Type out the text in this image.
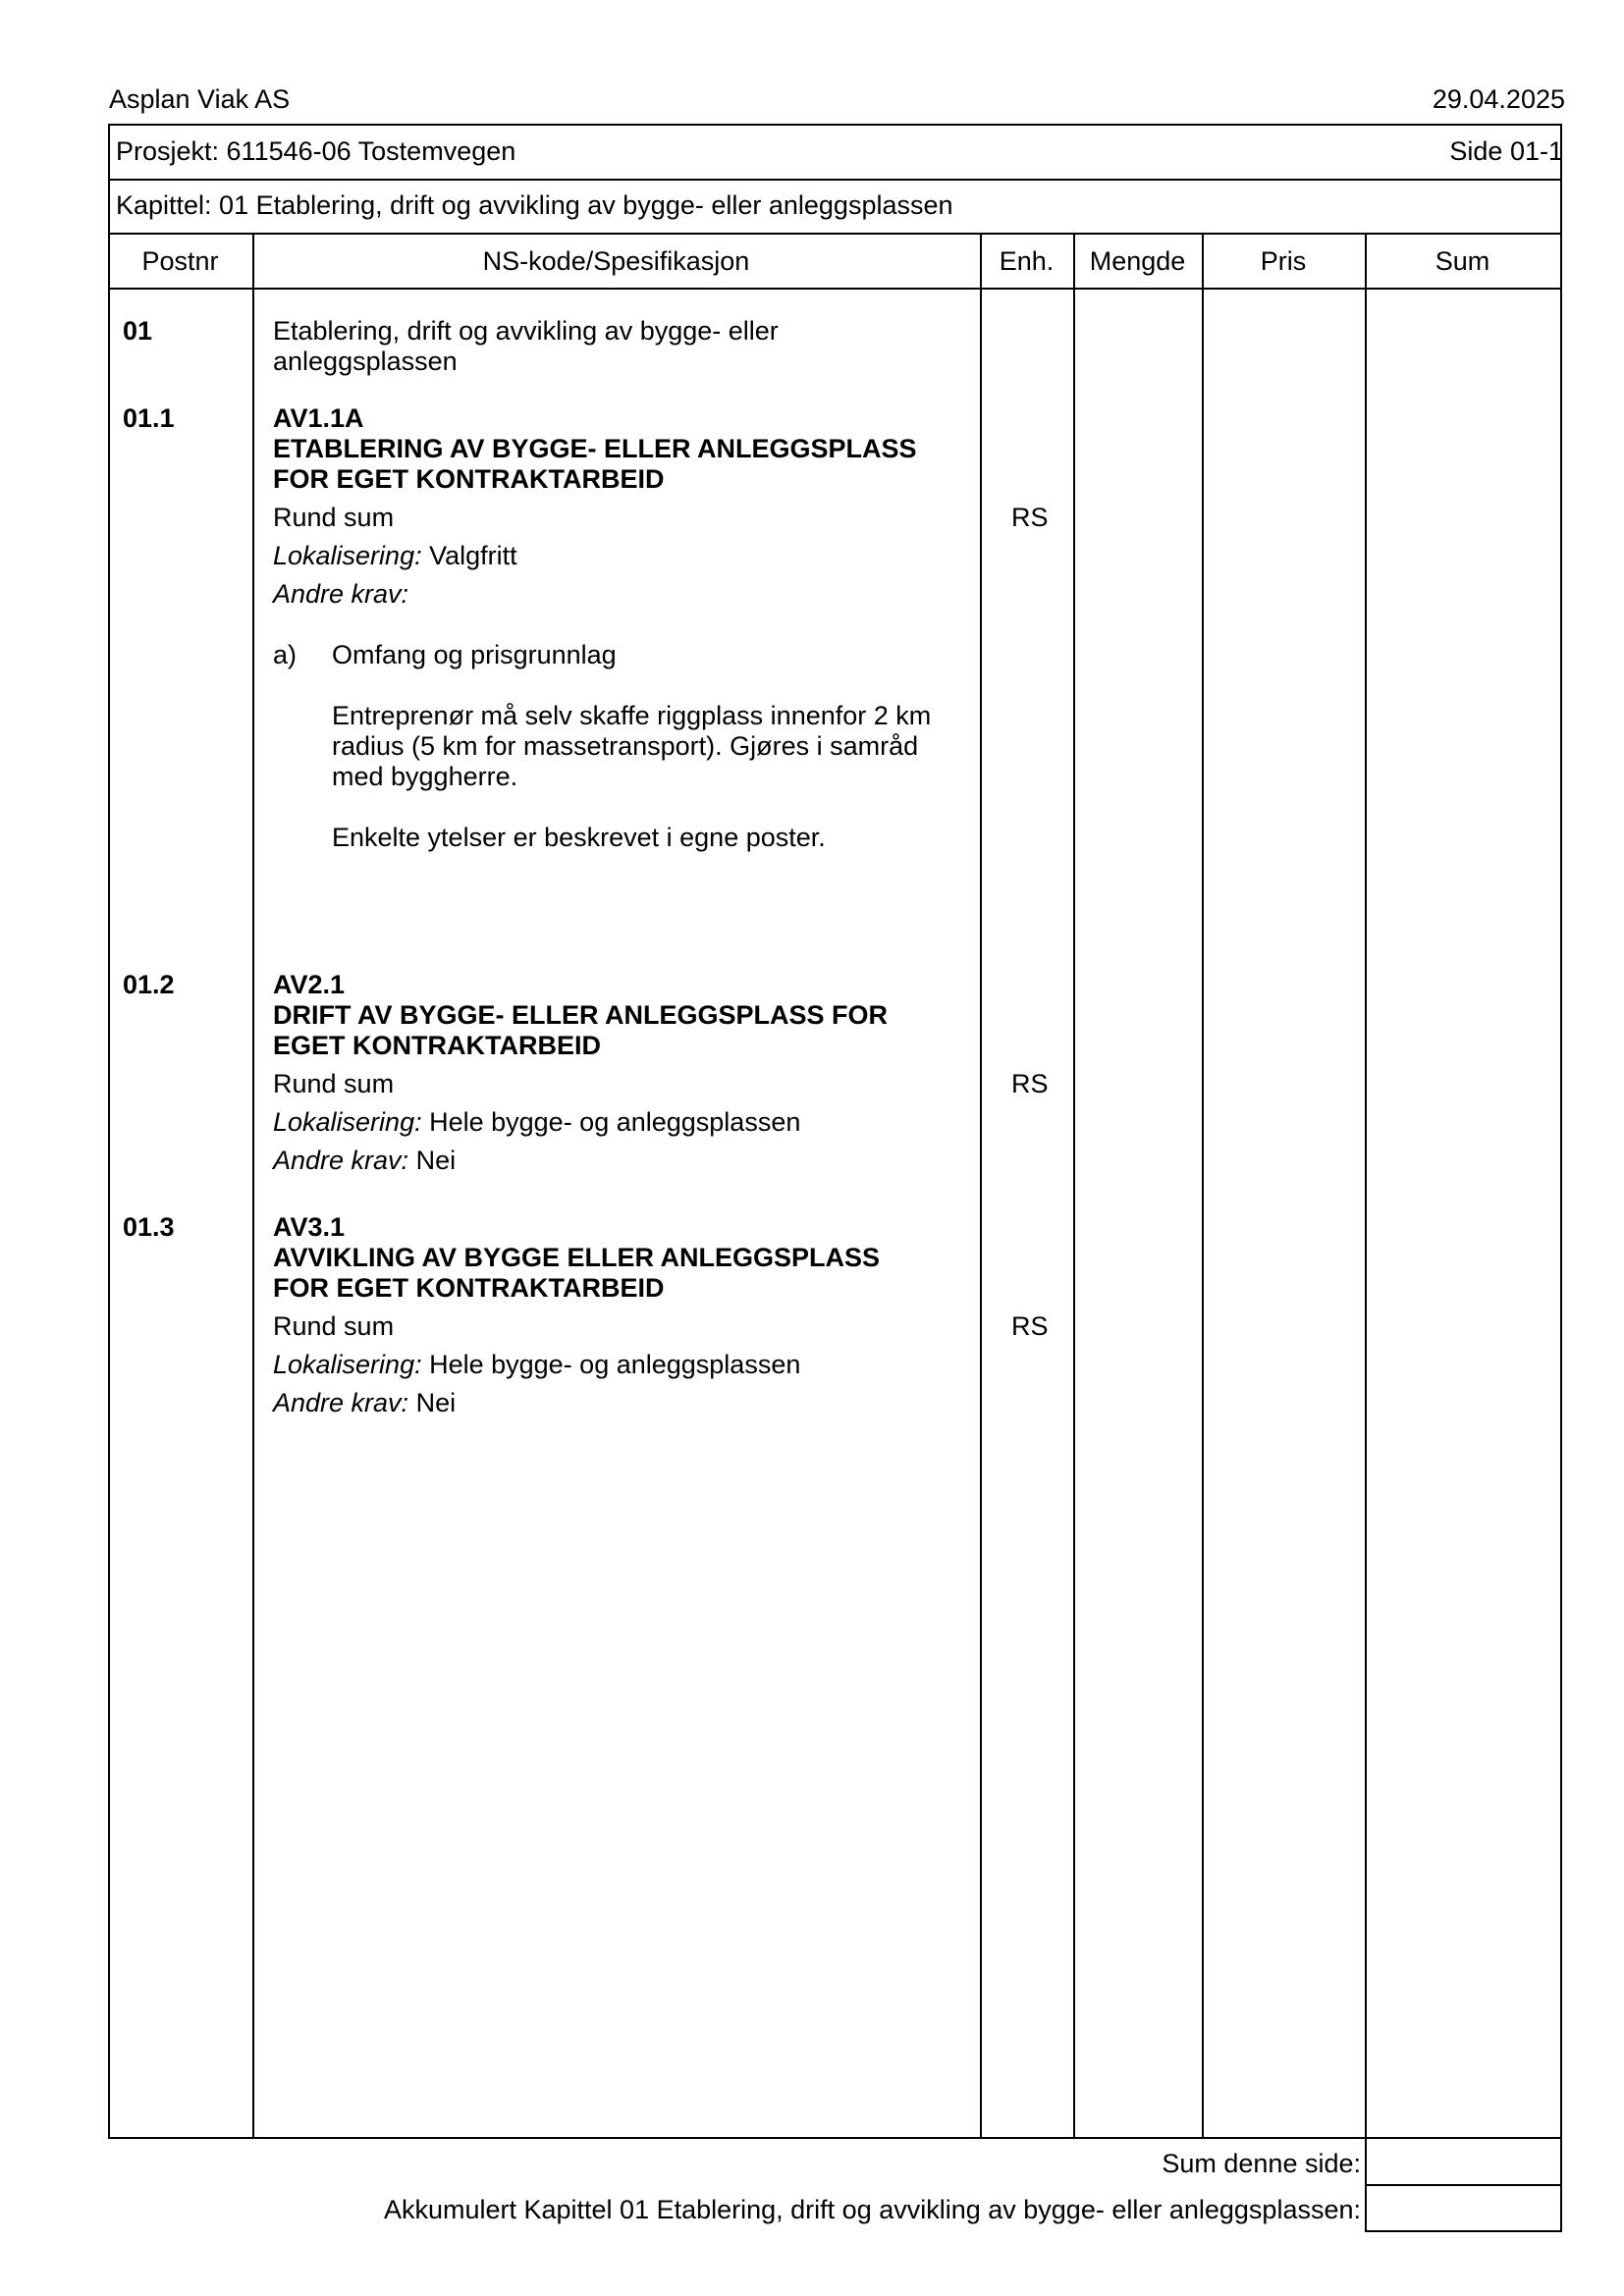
Asplan Viak AS	29.04.2025
Prosjekt: 611546-06 Tostemvegen	Side 01-1
Kapittel: 01 Etablering, drift og avvikling av bygge- eller anleggsplassen
Postnr	NS-kode/Spesifikasjon	Enh.	Mengde	Pris	Sum
01	Etablering, drift og avvikling av bygge- eller
anleggsplassen
01.1	AV1.1A
ETABLERING AV BYGGE- ELLER ANLEGGSPLASS
FOR EGET KONTRAKTARBEID
Rund sum	RS
Lokalisering: Valgfritt
Andre krav:
a) Omfang og prisgrunnlag
Entreprenør må selv skaffe riggplass innenfor 2 km
radius (5 km for massetransport). Gjøres i samråd
med byggherre.
Enkelte ytelser er beskrevet i egne poster.
01.2	AV2.1
DRIFT AV BYGGE- ELLER ANLEGGSPLASS FOR
EGET KONTRAKTARBEID
Rund sum	RS
Lokalisering: Hele bygge- og anleggsplassen
Andre krav: Nei
01.3	AV3.1
AVVIKLING AV BYGGE ELLER ANLEGGSPLASS
FOR EGET KONTRAKTARBEID
Rund sum	RS
Lokalisering: Hele bygge- og anleggsplassen
Andre krav: Nei
Sum denne side:
Akkumulert Kapittel 01 Etablering, drift og avvikling av bygge- eller anleggsplassen:
